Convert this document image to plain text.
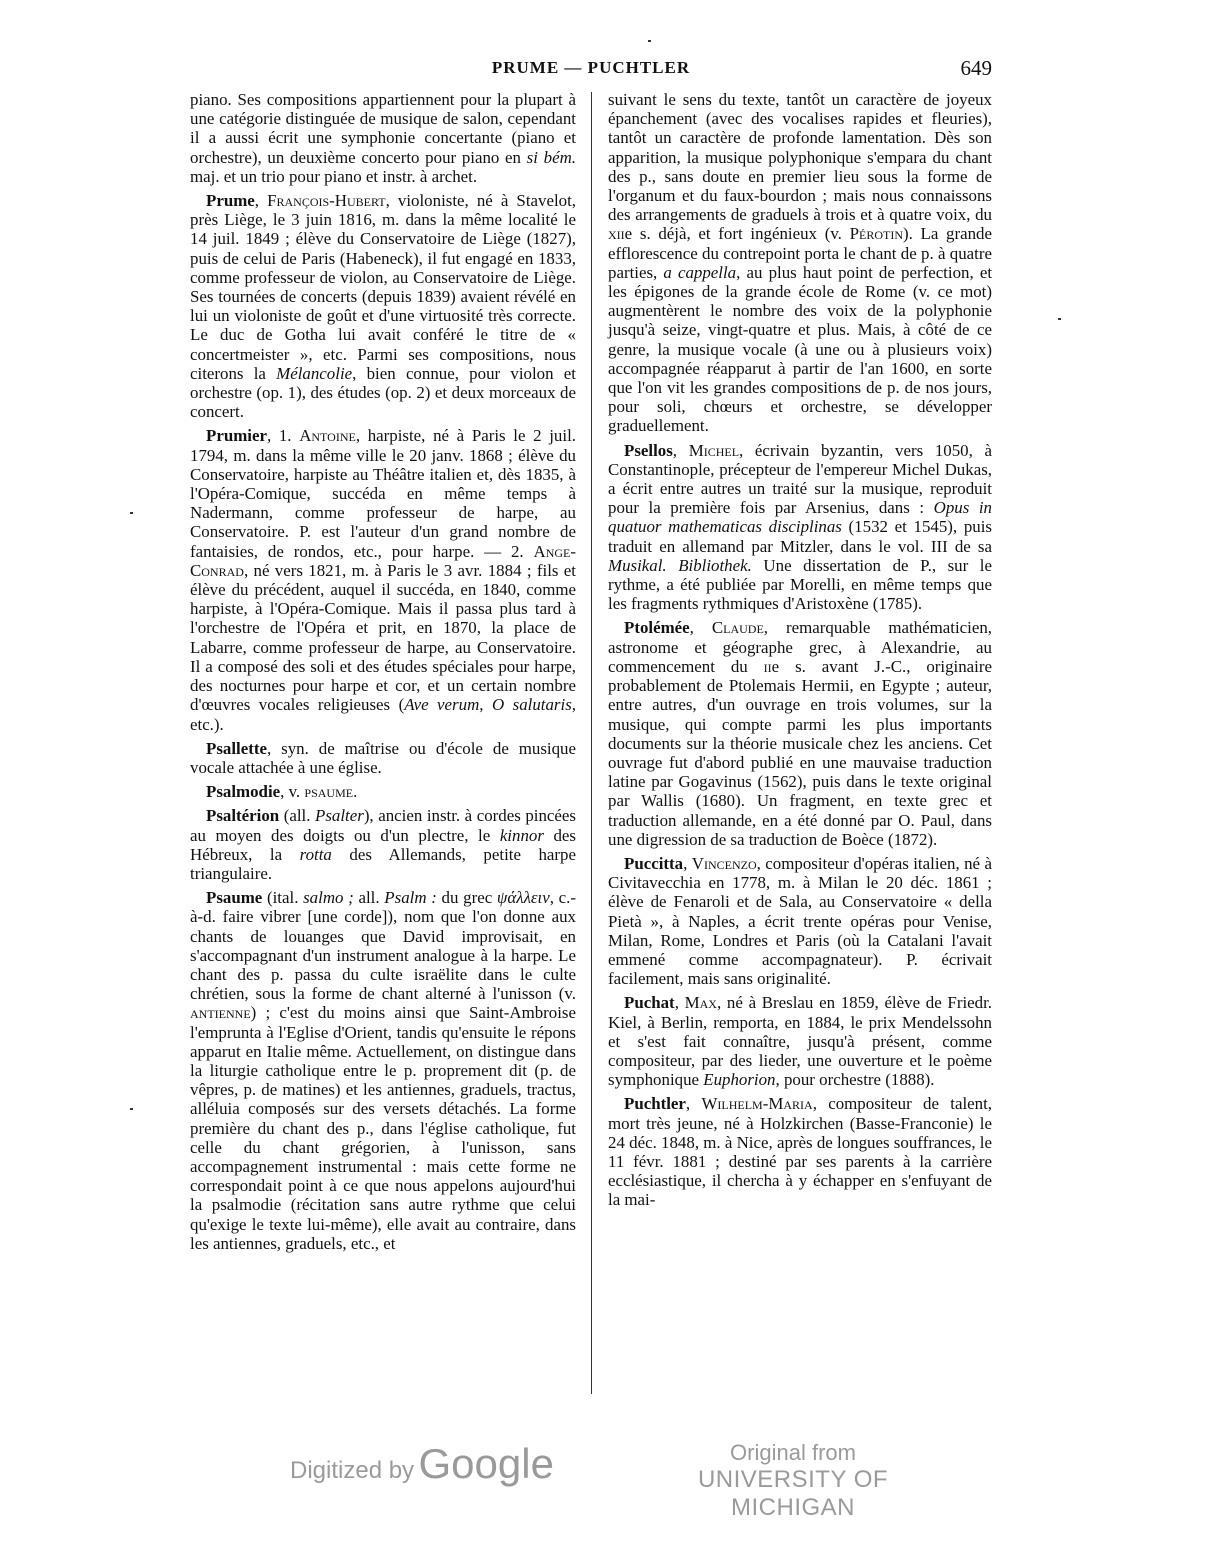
PRUME — PUCHTLER	649

piano. Ses compositions appartiennent pour la plupart à une catégorie distinguée de musique de salon, cependant il a aussi écrit une symphonie concertante (piano et orchestre), un deuxième concerto pour piano en si bém. maj. et un trio pour piano et instr. à archet.

Prume, François-Hubert, violoniste, né à Stavelot, près Liège, le 3 juin 1816, m. dans la même localité le 14 juil. 1849 ; élève du Conservatoire de Liège (1827), puis de celui de Paris (Habeneck), il fut engagé en 1833, comme professeur de violon, au Conservatoire de Liège. Ses tournées de concerts (depuis 1839) avaient révélé en lui un violoniste de goût et d'une virtuosité très correcte. Le duc de Gotha lui avait conféré le titre de « concertmeister », etc. Parmi ses compositions, nous citerons la Mélancolie, bien connue, pour violon et orchestre (op. 1), des études (op. 2) et deux morceaux de concert.

Prumier, 1. Antoine, harpiste, né à Paris le 2 juil. 1794, m. dans la même ville le 20 janv. 1868 ; élève du Conservatoire, harpiste au Théâtre italien et, dès 1835, à l'Opéra-Comique, succéda en même temps à Nadermann, comme professeur de harpe, au Conservatoire. P. est l'auteur d'un grand nombre de fantaisies, de rondos, etc., pour harpe. — 2. Ange-Conrad, né vers 1821, m. à Paris le 3 avr. 1884 ; fils et élève du précédent, auquel il succéda, en 1840, comme harpiste, à l'Opéra-Comique. Mais il passa plus tard à l'orchestre de l'Opéra et prit, en 1870, la place de Labarre, comme professeur de harpe, au Conservatoire. Il a composé des soli et des études spéciales pour harpe, des nocturnes pour harpe et cor, et un certain nombre d'œuvres vocales religieuses (Ave verum, O salutaris, etc.).

Psallette, syn. de maîtrise ou d'école de musique vocale attachée à une église.

Psalmodie, v. psaume.

Psaltérion (all. Psalter), ancien instr. à cordes pincées au moyen des doigts ou d'un plectre, le kinnor des Hébreux, la rotta des Allemands, petite harpe triangulaire.

Psaume (ital. salmo ; all. Psalm : du grec ψάλλειν, c.-à-d. faire vibrer [une corde]), nom que l'on donne aux chants de louanges que David improvisait, en s'accompagnant d'un instrument analogue à la harpe. Le chant des p. passa du culte israëlite dans le culte chrétien, sous la forme de chant alterné à l'unisson (v. antienne) ; c'est du moins ainsi que Saint-Ambroise l'emprunta à l'Eglise d'Orient, tandis qu'ensuite le répons apparut en Italie même. Actuellement, on distingue dans la liturgie catholique entre le p. proprement dit (p. de vêpres, p. de matines) et les antiennes, graduels, tractus, alléluia composés sur des versets détachés. La forme première du chant des p., dans l'église catholique, fut celle du chant grégorien, à l'unisson, sans accompagnement instrumental : mais cette forme ne correspondait point à ce que nous appelons aujourd'hui la psalmodie (récitation sans autre rythme que celui qu'exige le texte lui-même), elle avait au contraire, dans les antiennes, graduels, etc., et

suivant le sens du texte, tantôt un caractère de joyeux épanchement (avec des vocalises rapides et fleuries), tantôt un caractère de profonde lamentation. Dès son apparition, la musique polyphonique s'empara du chant des p., sans doute en premier lieu sous la forme de l'organum et du faux-bourdon ; mais nous connaissons des arrangements de graduels à trois et à quatre voix, du xiie s. déjà, et fort ingénieux (v. Pérotin). La grande efflorescence du contrepoint porta le chant de p. à quatre parties, a cappella, au plus haut point de perfection, et les épigones de la grande école de Rome (v. ce mot) augmentèrent le nombre des voix de la polyphonie jusqu'à seize, vingt-quatre et plus. Mais, à côté de ce genre, la musique vocale (à une ou à plusieurs voix) accompagnée réapparut à partir de l'an 1600, en sorte que l'on vit les grandes compositions de p. de nos jours, pour soli, chœurs et orchestre, se développer graduellement.

Psellos, Michel, écrivain byzantin, vers 1050, à Constantinople, précepteur de l'empereur Michel Dukas, a écrit entre autres un traité sur la musique, reproduit pour la première fois par Arsenius, dans : Opus in quatuor mathematicas disciplinas (1532 et 1545), puis traduit en allemand par Mitzler, dans le vol. III de sa Musikal. Bibliothek. Une dissertation de P., sur le rythme, a été publiée par Morelli, en même temps que les fragments rythmiques d'Aristoxène (1785).

Ptolémée, Claude, remarquable mathématicien, astronome et géographe grec, à Alexandrie, au commencement du iie s. avant J.-C., originaire probablement de Ptolemais Hermii, en Egypte ; auteur, entre autres, d'un ouvrage en trois volumes, sur la musique, qui compte parmi les plus importants documents sur la théorie musicale chez les anciens. Cet ouvrage fut d'abord publié en une mauvaise traduction latine par Gogavinus (1562), puis dans le texte original par Wallis (1680). Un fragment, en texte grec et traduction allemande, en a été donné par O. Paul, dans une digression de sa traduction de Boèce (1872).

Puccitta, Vincenzo, compositeur d'opéras italien, né à Civitavecchia en 1778, m. à Milan le 20 déc. 1861 ; élève de Fenaroli et de Sala, au Conservatoire « della Pietà », à Naples, a écrit trente opéras pour Venise, Milan, Rome, Londres et Paris (où la Catalani l'avait emmené comme accompagnateur). P. écrivait facilement, mais sans originalité.

Puchat, Max, né à Breslau en 1859, élève de Friedr. Kiel, à Berlin, remporta, en 1884, le prix Mendelssohn et s'est fait connaître, jusqu'à présent, comme compositeur, par des lieder, une ouverture et le poème symphonique Euphorion, pour orchestre (1888).

Puchtler, Wilhelm-Maria, compositeur de talent, mort très jeune, né à Holzkirchen (Basse-Franconie) le 24 déc. 1848, m. à Nice, après de longues souffrances, le 11 févr. 1881 ; destiné par ses parents à la carrière ecclésiastique, il chercha à y échapper en s'enfuyant de la mai-

Digitized by Google	Original from
UNIVERSITY OF MICHIGAN
